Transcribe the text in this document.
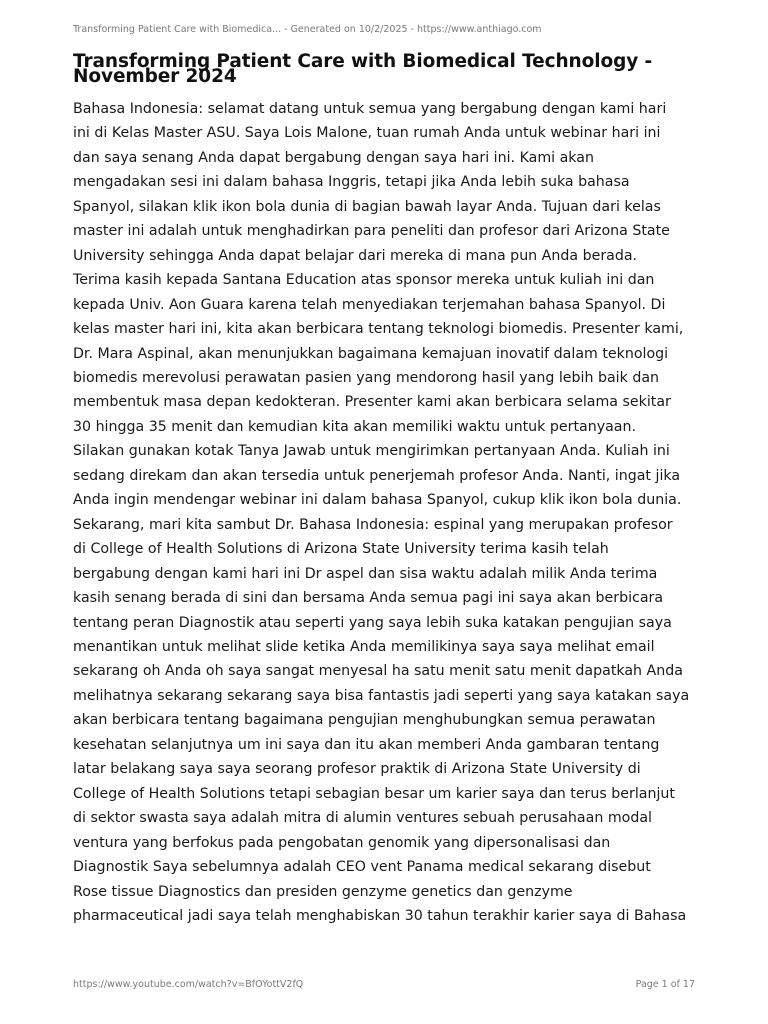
Transforming Patient Care with Biomedica... - Generated on 10/2/2025 - https://www.anthiago.com
Transforming Patient Care with Biomedical Technology - November 2024
Bahasa Indonesia: selamat datang untuk semua yang bergabung dengan kami hari
ini di Kelas Master ASU. Saya Lois Malone, tuan rumah Anda untuk webinar hari ini
dan saya senang Anda dapat bergabung dengan saya hari ini. Kami akan
mengadakan sesi ini dalam bahasa Inggris, tetapi jika Anda lebih suka bahasa
Spanyol, silakan klik ikon bola dunia di bagian bawah layar Anda. Tujuan dari kelas
master ini adalah untuk menghadirkan para peneliti dan profesor dari Arizona State
University sehingga Anda dapat belajar dari mereka di mana pun Anda berada.
Terima kasih kepada Santana Education atas sponsor mereka untuk kuliah ini dan
kepada Univ. Aon Guara karena telah menyediakan terjemahan bahasa Spanyol. Di
kelas master hari ini, kita akan berbicara tentang teknologi biomedis. Presenter kami,
Dr. Mara Aspinal, akan menunjukkan bagaimana kemajuan inovatif dalam teknologi
biomedis merevolusi perawatan pasien yang mendorong hasil yang lebih baik dan
membentuk masa depan kedokteran. Presenter kami akan berbicara selama sekitar
30 hingga 35 menit dan kemudian kita akan memiliki waktu untuk pertanyaan.
Silakan gunakan kotak Tanya Jawab untuk mengirimkan pertanyaan Anda. Kuliah ini
sedang direkam dan akan tersedia untuk penerjemah profesor Anda. Nanti, ingat jika
Anda ingin mendengar webinar ini dalam bahasa Spanyol, cukup klik ikon bola dunia.
Sekarang, mari kita sambut Dr. Bahasa Indonesia: espinal yang merupakan profesor
di College of Health Solutions di Arizona State University terima kasih telah
bergabung dengan kami hari ini Dr aspel dan sisa waktu adalah milik Anda terima
kasih senang berada di sini dan bersama Anda semua pagi ini saya akan berbicara
tentang peran Diagnostik atau seperti yang saya lebih suka katakan pengujian saya
menantikan untuk melihat slide ketika Anda memilikinya saya saya melihat email
sekarang oh Anda oh saya sangat menyesal ha satu menit satu menit dapatkah Anda
melihatnya sekarang sekarang saya bisa fantastis jadi seperti yang saya katakan saya
akan berbicara tentang bagaimana pengujian menghubungkan semua perawatan
kesehatan selanjutnya um ini saya dan itu akan memberi Anda gambaran tentang
latar belakang saya saya seorang profesor praktik di Arizona State University di
College of Health Solutions tetapi sebagian besar um karier saya dan terus berlanjut
di sektor swasta saya adalah mitra di alumin ventures sebuah perusahaan modal
ventura yang berfokus pada pengobatan genomik yang dipersonalisasi dan
Diagnostik Saya sebelumnya adalah CEO vent Panama medical sekarang disebut
Rose tissue Diagnostics dan presiden genzyme genetics dan genzyme
pharmaceutical jadi saya telah menghabiskan 30 tahun terakhir karier saya di Bahasa
https://www.youtube.com/watch?v=BfOYottV2fQ	Page 1 of 17
